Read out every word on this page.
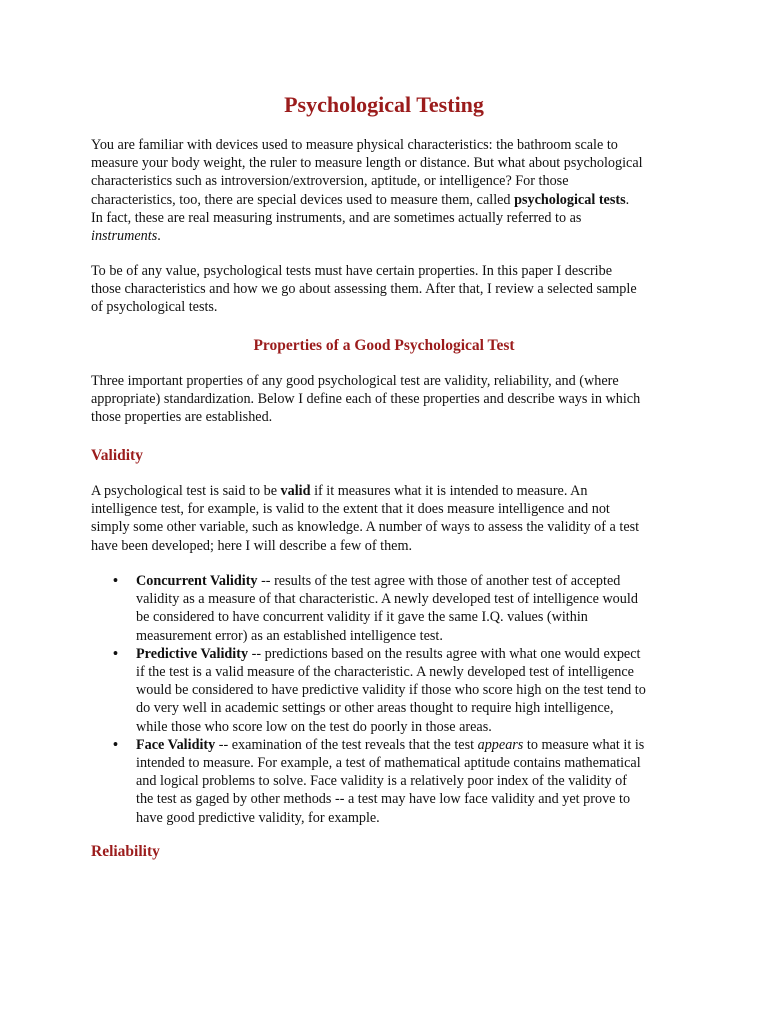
Psychological Testing
You are familiar with devices used to measure physical characteristics: the bathroom scale to
measure your body weight, the ruler to measure length or distance. But what about psychological
characteristics such as introversion/extroversion, aptitude, or intelligence? For those
characteristics, too, there are special devices used to measure them, called psychological tests.
In fact, these are real measuring instruments, and are sometimes actually referred to as
instruments.
To be of any value, psychological tests must have certain properties. In this paper I describe
those characteristics and how we go about assessing them. After that, I review a selected sample
of psychological tests.
Properties of a Good Psychological Test
Three important properties of any good psychological test are validity, reliability, and (where
appropriate) standardization. Below I define each of these properties and describe ways in which
those properties are established.
Validity
A psychological test is said to be valid if it measures what it is intended to measure. An
intelligence test, for example, is valid to the extent that it does measure intelligence and not
simply some other variable, such as knowledge. A number of ways to assess the validity of a test
have been developed; here I will describe a few of them.
• Concurrent Validity -- results of the test agree with those of another test of accepted
validity as a measure of that characteristic. A newly developed test of intelligence would
be considered to have concurrent validity if it gave the same I.Q. values (within
measurement error) as an established intelligence test.
• Predictive Validity -- predictions based on the results agree with what one would expect
if the test is a valid measure of the characteristic. A newly developed test of intelligence
would be considered to have predictive validity if those who score high on the test tend to
do very well in academic settings or other areas thought to require high intelligence,
while those who score low on the test do poorly in those areas.
• Face Validity -- examination of the test reveals that the test appears to measure what it is
intended to measure. For example, a test of mathematical aptitude contains mathematical
and logical problems to solve. Face validity is a relatively poor index of the validity of
the test as gaged by other methods -- a test may have low face validity and yet prove to
have good predictive validity, for example.
Reliability
